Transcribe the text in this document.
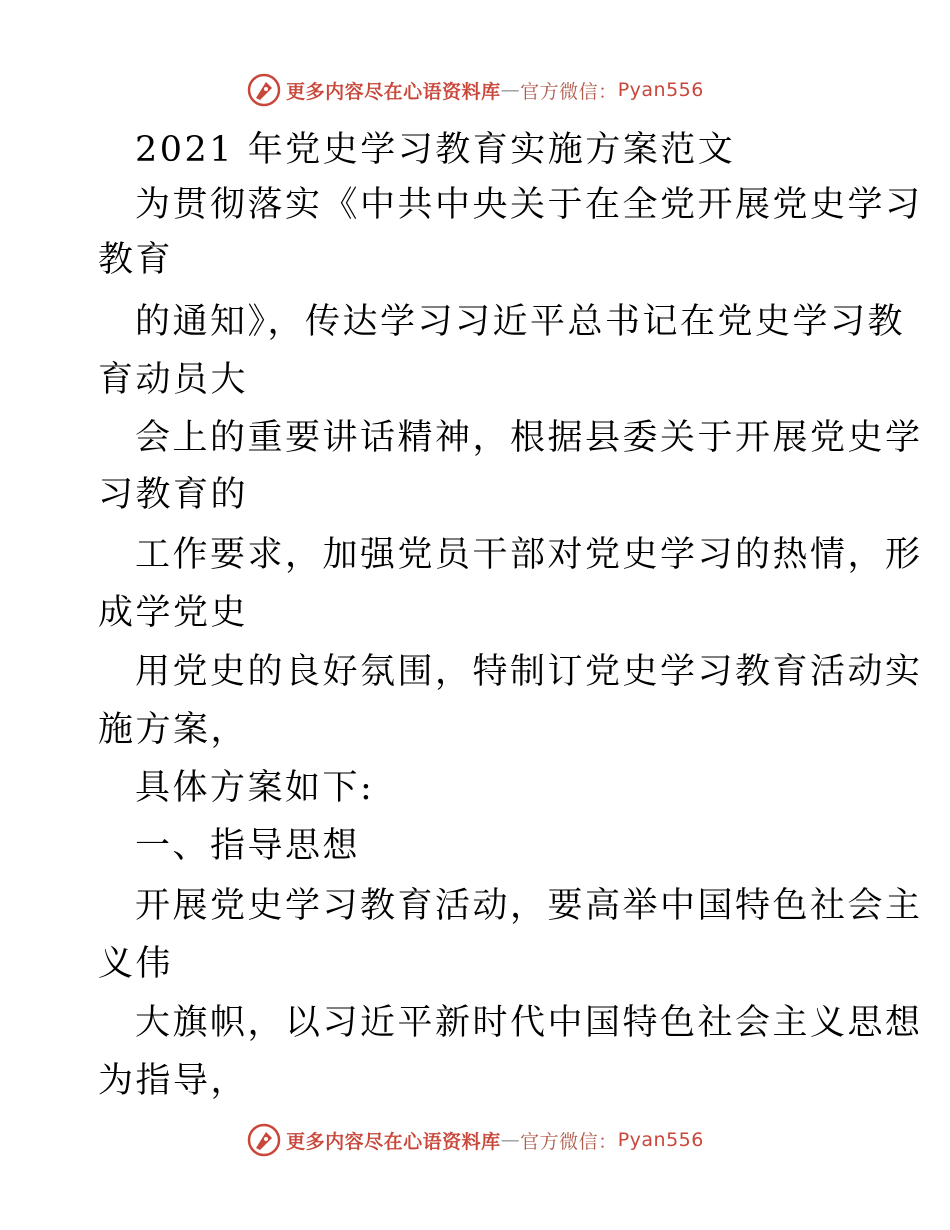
更多内容尽在心语资料库 — 官方微信： Pyan556
2021 年党史学习教育实施方案范文
为贯彻落实《中共中央关于在全党开展党史学习
教育
的通知》，传达学习习近平总书记在党史学习教
育动员大
会上的重要讲话精神，根据县委关于开展党史学
习教育的
工作要求，加强党员干部对党史学习的热情，形
成学党史
用党史的良好氛围，特制订党史学习教育活动实
施方案，
具体方案如下:
一、指导思想
开展党史学习教育活动，要高举中国特色社会主
义伟
大旗帜，以习近平新时代中国特色社会主义思想
为指导，
更多内容尽在心语资料库 — 官方微信： Pyan556
